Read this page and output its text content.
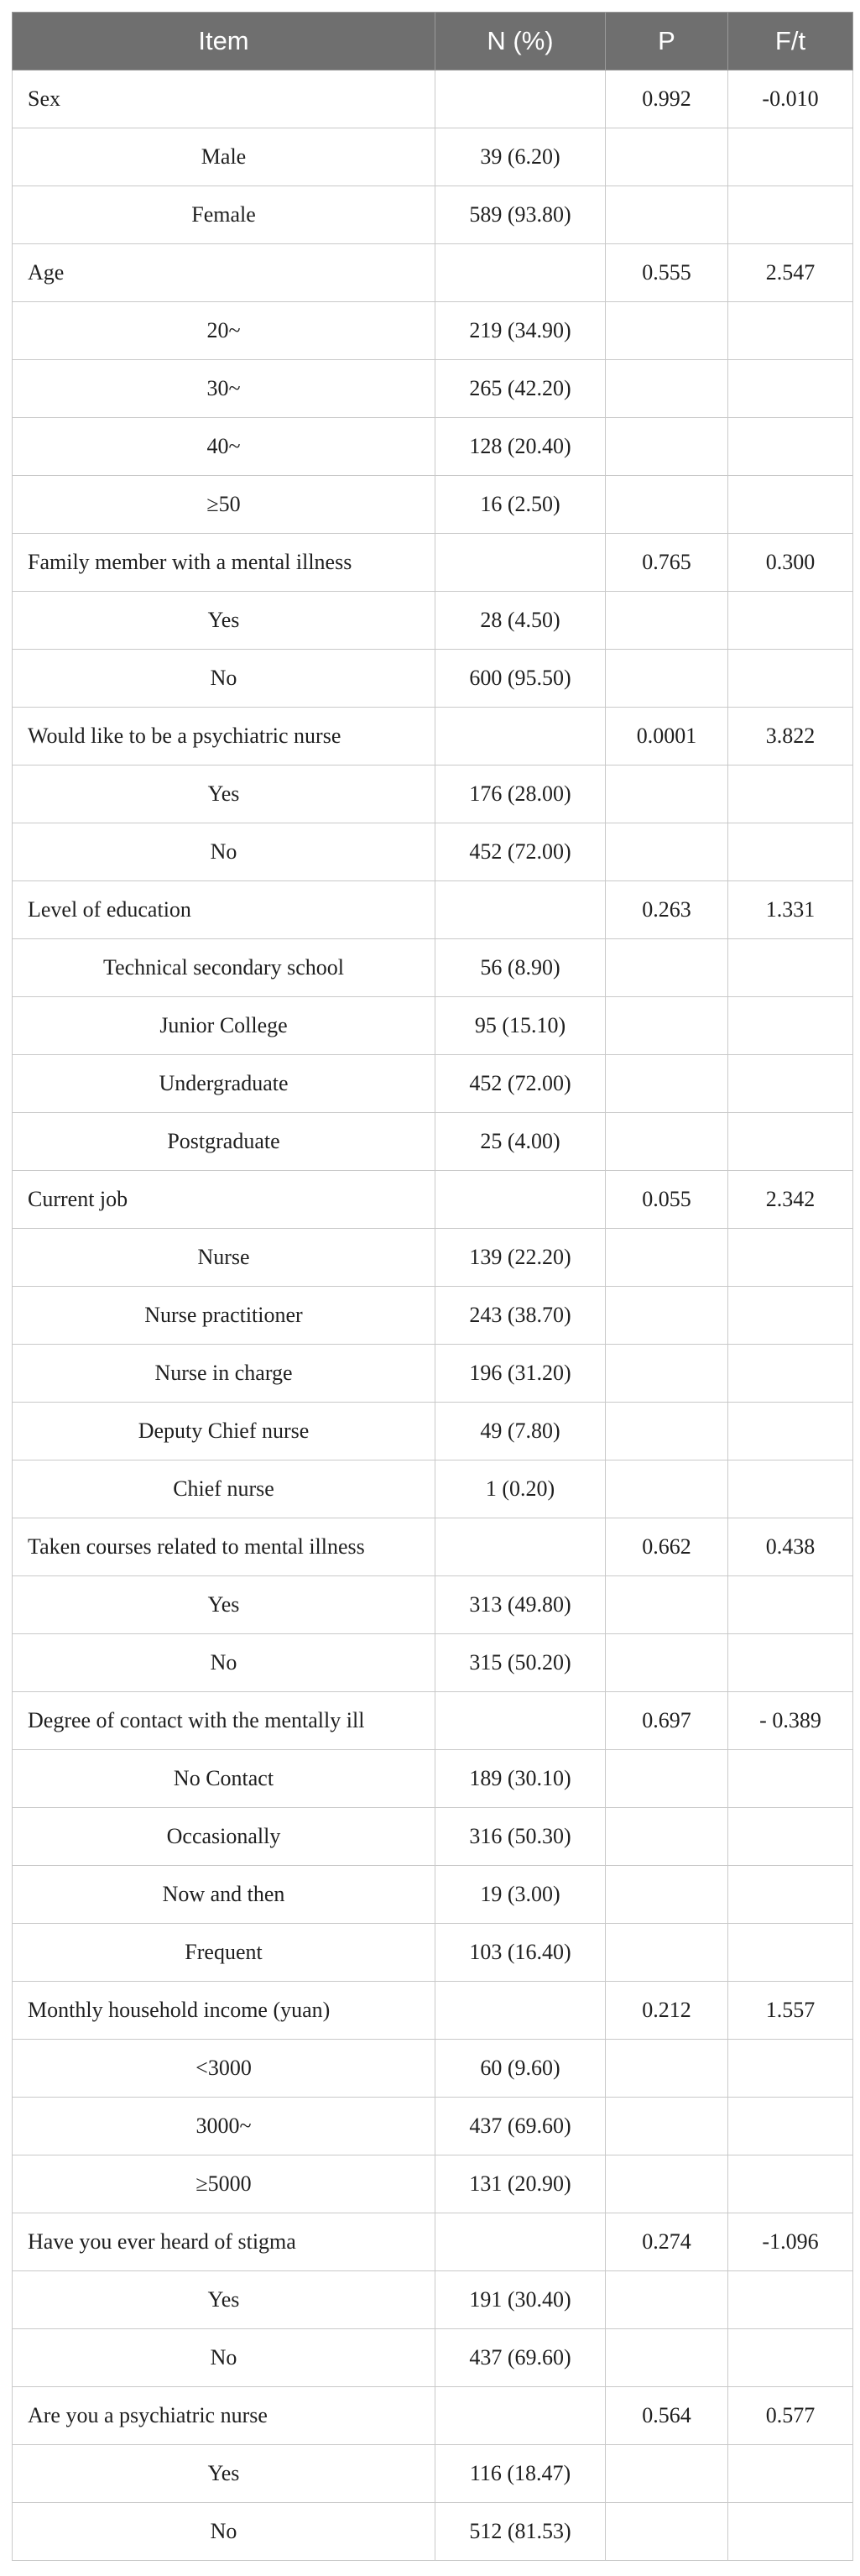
Item	N (%)	P	F/t
Sex		0.992	-0.010
Male	39 (6.20)		
Female	589 (93.80)		
Age		0.555	2.547
20~	219 (34.90)		
30~	265 (42.20)		
40~	128 (20.40)		
≥50	16 (2.50)		
Family member with a mental illness		0.765	0.300
Yes	28 (4.50)		
No	600 (95.50)		
Would like to be a psychiatric nurse		0.0001	3.822
Yes	176 (28.00)		
No	452 (72.00)		
Level of education		0.263	1.331
Technical secondary school	56 (8.90)		
Junior College	95 (15.10)		
Undergraduate	452 (72.00)		
Postgraduate	25 (4.00)		
Current job		0.055	2.342
Nurse	139 (22.20)		
Nurse practitioner	243 (38.70)		
Nurse in charge	196 (31.20)		
Deputy Chief nurse	49 (7.80)		
Chief nurse	1 (0.20)		
Taken courses related to mental illness		0.662	0.438
Yes	313 (49.80)		
No	315 (50.20)		
Degree of contact with the mentally ill		0.697	- 0.389
No Contact	189 (30.10)		
Occasionally	316 (50.30)		
Now and then	19 (3.00)		
Frequent	103 (16.40)		
Monthly household income (yuan)		0.212	1.557
<3000	60 (9.60)		
3000~	437 (69.60)		
≥5000	131 (20.90)		
Have you ever heard of stigma		0.274	-1.096
Yes	191 (30.40)		
No	437 (69.60)		
Are you a psychiatric nurse		0.564	0.577
Yes	116 (18.47)		
No	512 (81.53)		
